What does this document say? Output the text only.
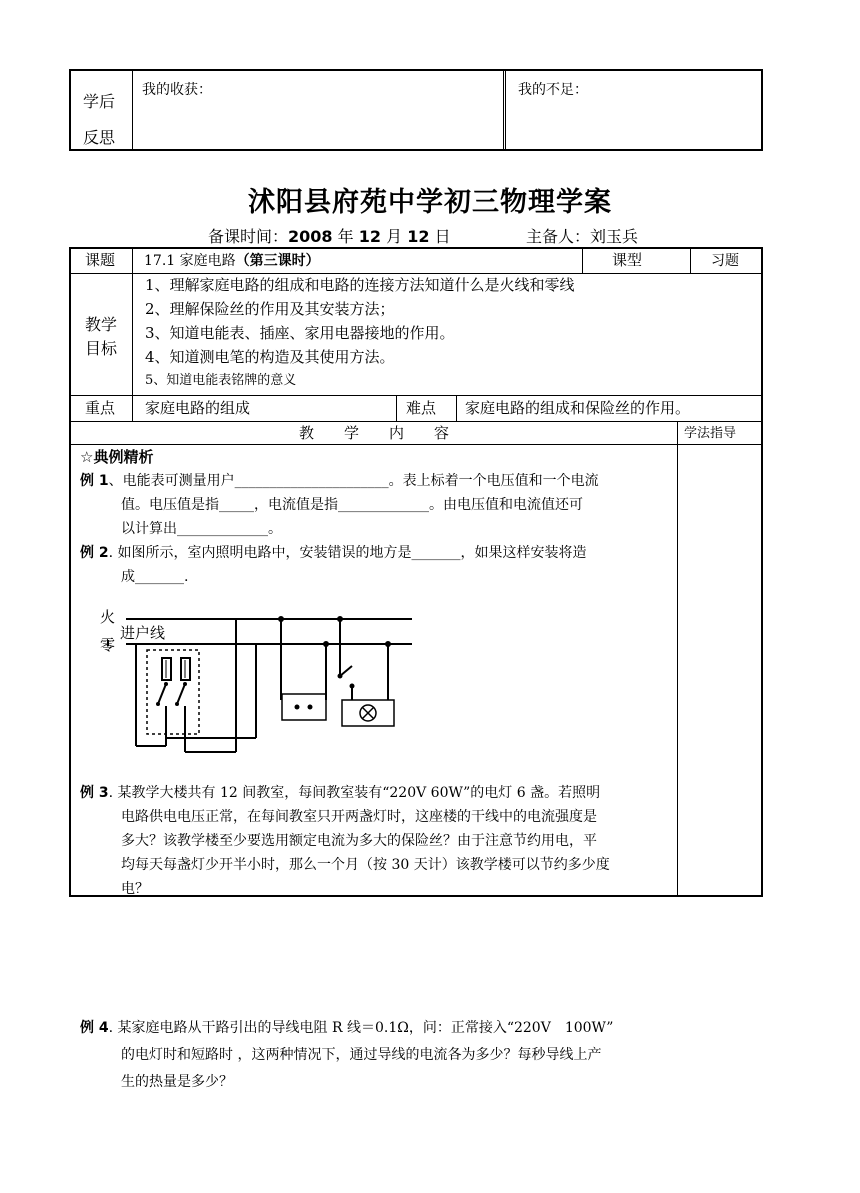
学后
反思
我的收获：	我的不足：
沭阳县府苑中学初三物理学案
备课时间：2008 年 12 月 12 日	主备人：刘玉兵
课题 17.1 家庭电路（第三课时）	课型	习题
教学
目标
1、理解家庭电路的组成和电路的连接方法知道什么是火线和零线
2、理解保险丝的作用及其安装方法；
3、知道电能表、插座、家用电器接地的作用。
4、知道测电笔的构造及其使用方法。
5、知道电能表铭牌的意义
重点 家庭电路的组成	难点 家庭电路的组成和保险丝的作用。
教　　学　　内　　容	学法指导
☆典例精析

例 1、电能表可测量用户______________________。表上标着一个电压值和一个电流

值。电压值是指_____，电流值是指_____________。由电压值和电流值还可

以计算出_____________。

例 2. 如图所示，室内照明电路中，安装错误的地方是_______，如果这样安装将造

成_______.

例 3. 某教学大楼共有 12 间教室，每间教室装有“220V 60W”的电灯 6 盏。若照明

电路供电电压正常，在每间教室只开两盏灯时，这座楼的干线中的电流强度是

多大？该教学楼至少要选用额定电流为多大的保险丝？由于注意节约用电，平

均每天每盏灯少开半小时，那么一个月（按 30 天计）该教学楼可以节约多少度

电？

例 4. 某家庭电路从干路引出的导线电阻 R 线＝0.1Ω，问：正常接入“220V　100W”

的电灯时和短路时 ，这两种情况下，通过导线的电流各为多少？每秒导线上产

生的热量是多少？

火
零
进户线
